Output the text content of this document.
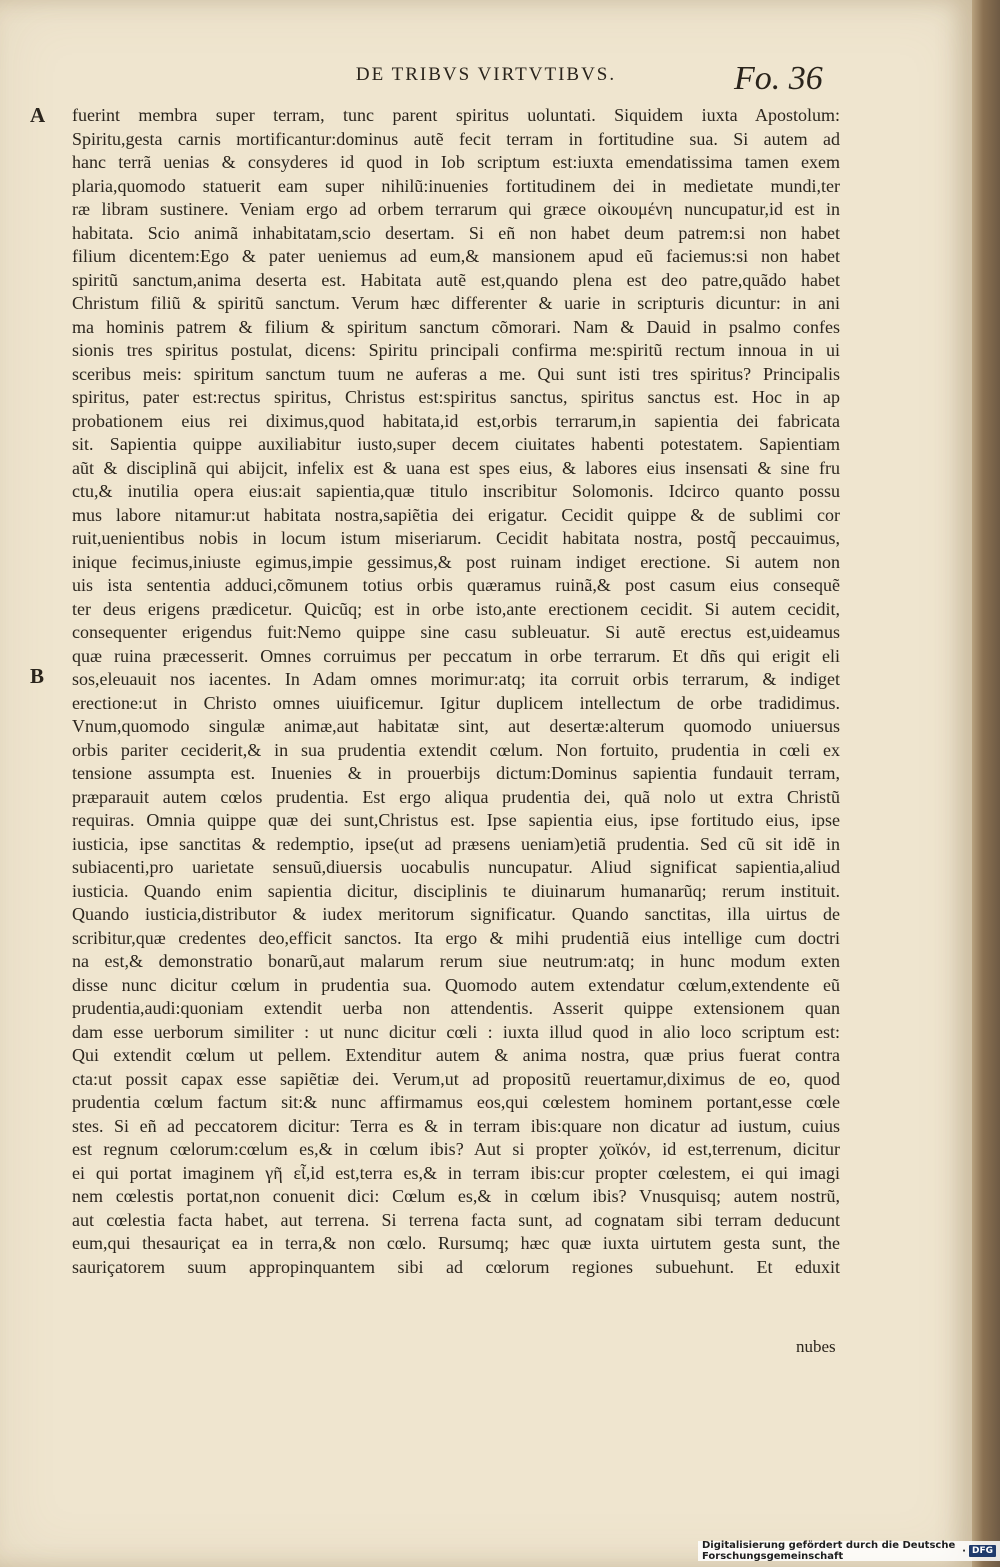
DE TRIBVS VIRTVTIBVS.	Fo. 36
A
B
fuerint membra super terram, tunc parent spiritus uoluntati. Siquidem iuxta Apostolum:
Spiritu,gesta carnis mortificantur:dominus autẽ fecit terram in fortitudine sua. Si autem ad
hanc terrã uenias & consyderes id quod in Iob scriptum est:iuxta emendatissima tamen exem
plaria,quomodo statuerit eam super nihilũ:inuenies fortitudinem dei in medietate mundi,ter
ræ libram sustinere. Veniam ergo ad orbem terrarum qui græce οἰκουμένη nuncupatur,id est in
habitata. Scio animã inhabitatam,scio desertam. Si eñ non habet deum patrem:si non habet
filium dicentem:Ego & pater ueniemus ad eum,& mansionem apud eũ faciemus:si non habet
spiritũ sanctum,anima deserta est. Habitata autẽ est,quando plena est deo patre,quãdo habet
Christum filiũ & spiritũ sanctum. Verum hæc differenter & uarie in scripturis dicuntur: in ani
ma hominis patrem & filium & spiritum sanctum cõmorari. Nam & Dauid in psalmo confes
sionis tres spiritus postulat, dicens: Spiritu principali confirma me:spiritũ rectum innoua in ui
sceribus meis: spiritum sanctum tuum ne auferas a me. Qui sunt isti tres spiritus? Principalis
spiritus, pater est:rectus spiritus, Christus est:spiritus sanctus, spiritus sanctus est. Hoc in ap
probationem eius rei diximus,quod habitata,id est,orbis terrarum,in sapientia dei fabricata
sit. Sapientia quippe auxiliabitur iusto,super decem ciuitates habenti potestatem. Sapientiam
aũt & disciplinã qui abijcit, infelix est & uana est spes eius, & labores eius insensati & sine fru
ctu,& inutilia opera eius:ait sapientia,quæ titulo inscribitur Solomonis. Idcirco quanto possu
mus labore nitamur:ut habitata nostra,sapiẽtia dei erigatur. Cecidit quippe & de sublimi cor
ruit,uenientibus nobis in locum istum miseriarum. Cecidit habitata nostra, postq̃ peccauimus,
inique fecimus,iniuste egimus,impie gessimus,& post ruinam indiget erectione. Si autem non
uis ista sententia adduci,cõmunem totius orbis quæramus ruinã,& post casum eius consequẽ
ter deus erigens prædicetur. Quicũq; est in orbe isto,ante erectionem cecidit. Si autem cecidit,
consequenter erigendus fuit:Nemo quippe sine casu subleuatur. Si autẽ erectus est,uideamus
quæ ruina præcesserit. Omnes corruimus per peccatum in orbe terrarum. Et dñs qui erigit eli
sos,eleuauit nos iacentes. In Adam omnes morimur:atq; ita corruit orbis terrarum, & indiget
erectione:ut in Christo omnes uiuificemur. Igitur duplicem intellectum de orbe tradidimus.
Vnum,quomodo singulæ animæ,aut habitatæ sint, aut desertæ:alterum quomodo uniuersus
orbis pariter ceciderit,& in sua prudentia extendit cœlum. Non fortuito, prudentia in cœli ex
tensione assumpta est. Inuenies & in prouerbijs dictum:Dominus sapientia fundauit terram,
præparauit autem cœlos prudentia. Est ergo aliqua prudentia dei, quã nolo ut extra Christũ
requiras. Omnia quippe quæ dei sunt,Christus est. Ipse sapientia eius, ipse fortitudo eius, ipse
iusticia, ipse sanctitas & redemptio, ipse(ut ad præsens ueniam)etiã prudentia. Sed cũ sit idẽ in
subiacenti,pro uarietate sensuũ,diuersis uocabulis nuncupatur. Aliud significat sapientia,aliud
iusticia. Quando enim sapientia dicitur, disciplinis te diuinarum humanarũq; rerum instituit.
Quando iusticia,distributor & iudex meritorum significatur. Quando sanctitas, illa uirtus de
scribitur,quæ credentes deo,efficit sanctos. Ita ergo & mihi prudentiã eius intellige cum doctri
na est,& demonstratio bonarũ,aut malarum rerum siue neutrum:atq; in hunc modum exten
disse nunc dicitur cœlum in prudentia sua. Quomodo autem extendatur cœlum,extendente eũ
prudentia,audi:quoniam extendit uerba non attendentis. Asserit quippe extensionem quan
dam esse uerborum similiter : ut nunc dicitur cœli : iuxta illud quod in alio loco scriptum est:
Qui extendit cœlum ut pellem. Extenditur autem & anima nostra, quæ prius fuerat contra
cta:ut possit capax esse sapiẽtiæ dei. Verum,ut ad propositũ reuertamur,diximus de eo, quod
prudentia cœlum factum sit:& nunc affirmamus eos,qui cœlestem hominem portant,esse cœle
stes. Si eñ ad peccatorem dicitur: Terra es & in terram ibis:quare non dicatur ad iustum, cuius
est regnum cœlorum:cœlum es,& in cœlum ibis? Aut si propter χοϊκόν, id est,terrenum, dicitur
ei qui portat imaginem γῆ εἶ,id est,terra es,& in terram ibis:cur propter cœlestem, ei qui imagi
nem cœlestis portat,non conuenit dici: Cœlum es,& in cœlum ibis? Vnusquisq; autem nostrũ,
aut cœlestia facta habet, aut terrena. Si terrena facta sunt, ad cognatam sibi terram deducunt
eum,qui thesauriçat ea in terra,& non cœlo. Rursumq; hæc quæ iuxta uirtutem gesta sunt, the
sauriçatorem suum appropinquantem sibi ad cœlorum regiones subuehunt. Et eduxit
nubes
Digitalisierung gefördert durch die Deutsche Forschungsgemeinschaft	· DFG
